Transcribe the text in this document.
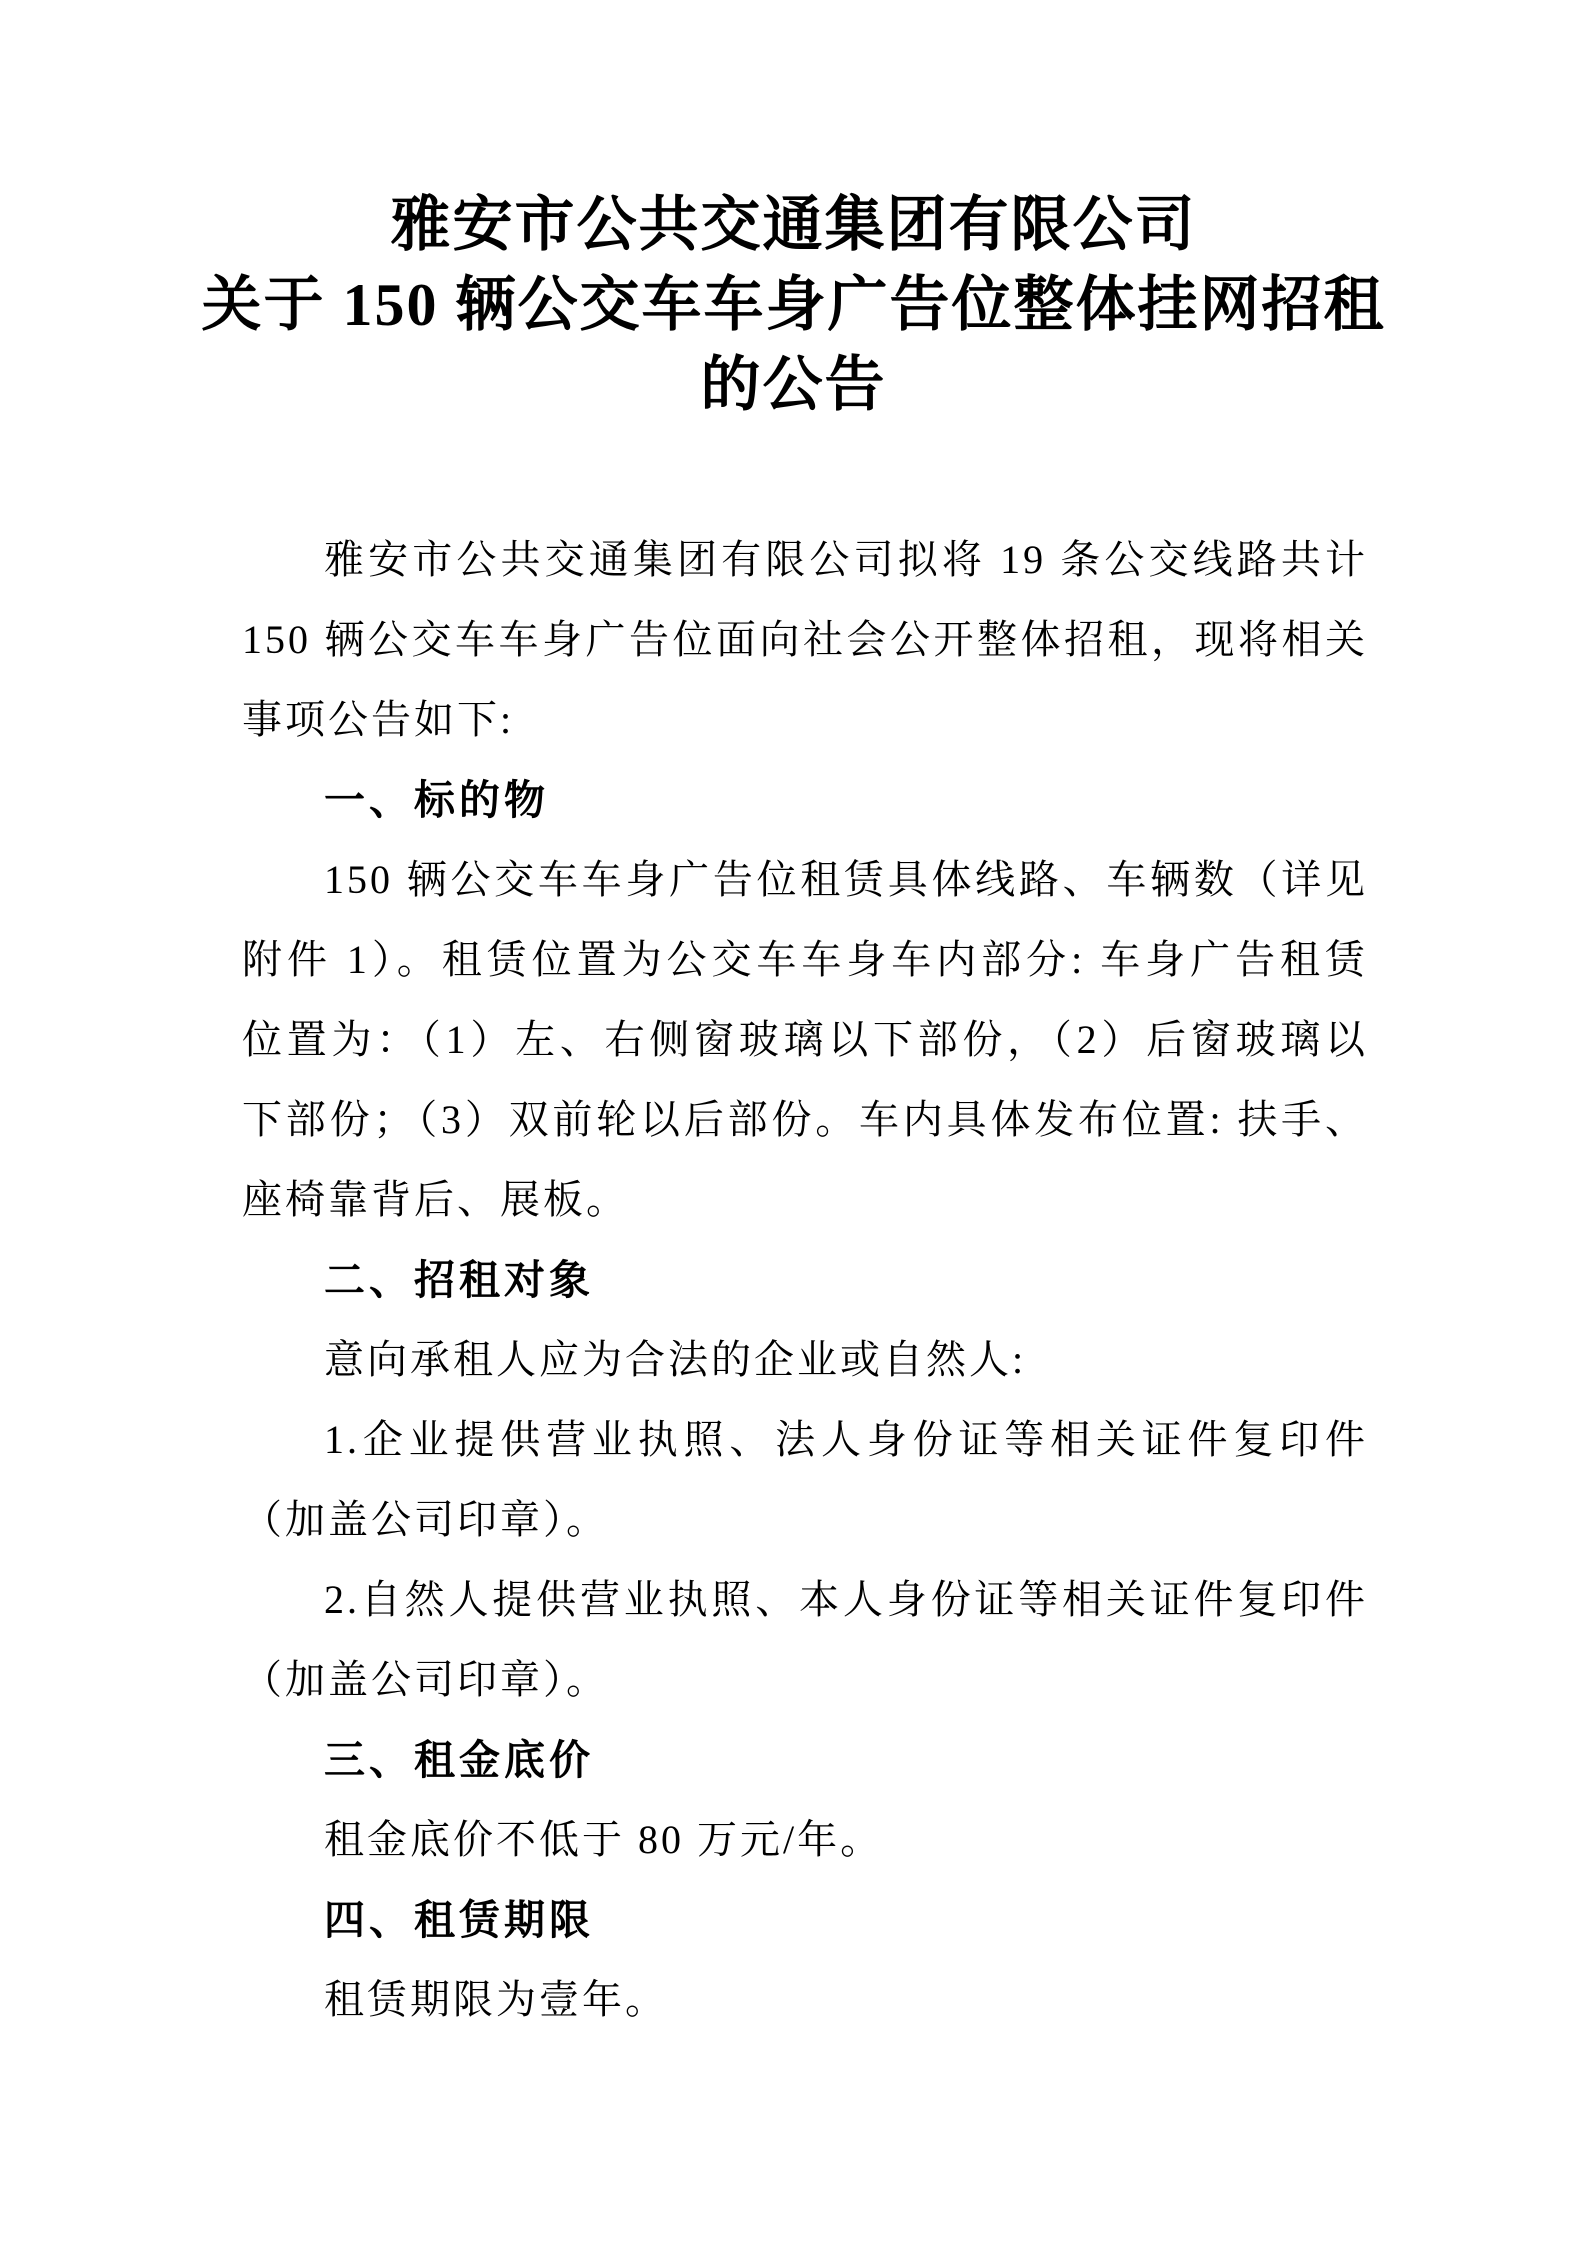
雅安市公共交通集团有限公司
关于 150 辆公交车车身广告位整体挂网招租
的公告
雅安市公共交通集团有限公司拟将 19 条公交线路共计
150 辆公交车车身广告位面向社会公开整体招租，现将相关
事项公告如下:
一、标的物
150 辆公交车车身广告位租赁具体线路、车辆数（详见
附件 1）。租赁位置为公交车车身车内部分: 车身广告租赁
位置为：（1）左、右侧窗玻璃以下部份，（2）后窗玻璃以
下部份；（3）双前轮以后部份。车内具体发布位置: 扶手、
座椅靠背后、展板。
二、招租对象
意向承租人应为合法的企业或自然人:
1.企业提供营业执照、法人身份证等相关证件复印件
（加盖公司印章）。
2.自然人提供营业执照、本人身份证等相关证件复印件
（加盖公司印章）。
三、租金底价
租金底价不低于 80 万元/年。
四、租赁期限
租赁期限为壹年。
